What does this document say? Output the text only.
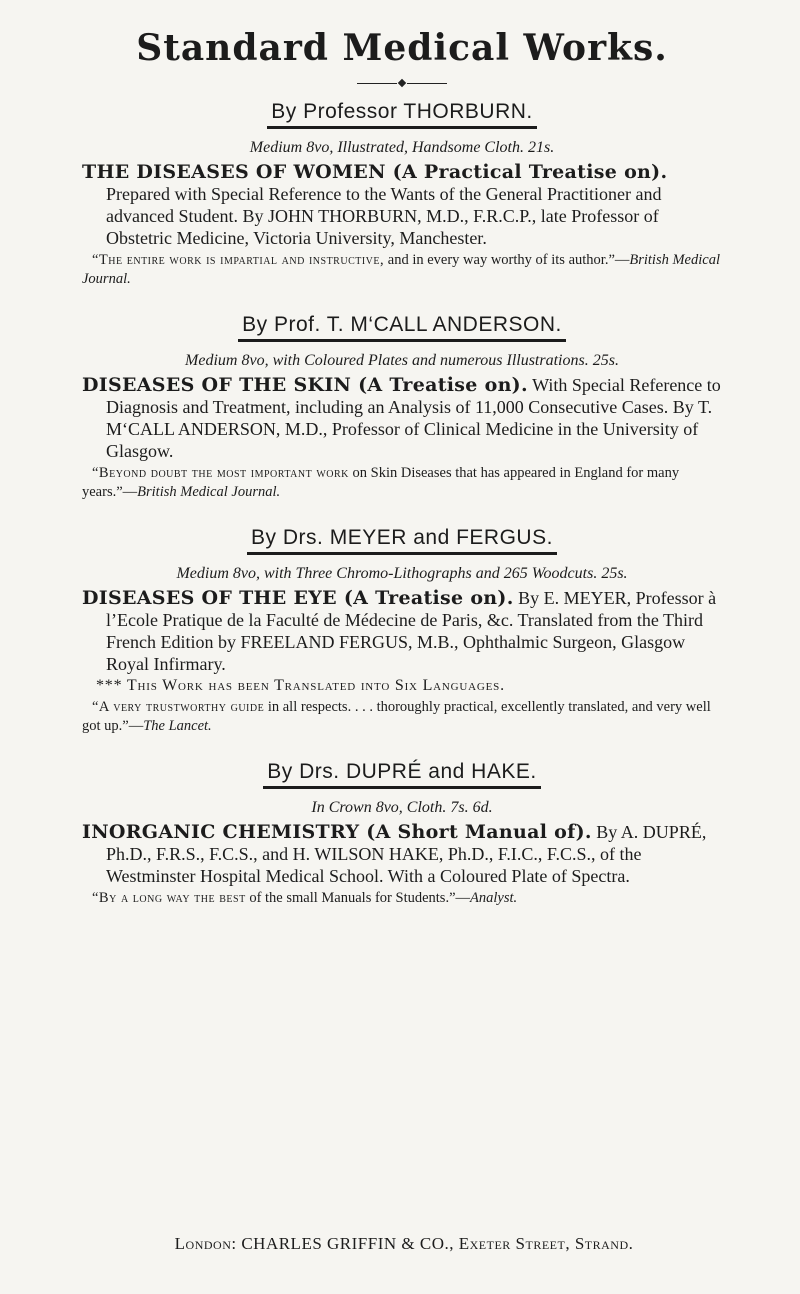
Standard Medical Works.
By Professor THORBURN.
Medium 8vo, Illustrated, Handsome Cloth. 21s.

THE DISEASES OF WOMEN (A Practical Treatise on). Prepared with Special Reference to the Wants of the General Practitioner and advanced Student. By JOHN THORBURN, M.D., F.R.C.P., late Professor of Obstetric Medicine, Victoria University, Manchester.

“The entire work is impartial and instructive, and in every way worthy of its author.”—British Medical Journal.

By Prof. T. M‘CALL ANDERSON.
Medium 8vo, with Coloured Plates and numerous Illustrations. 25s.

DISEASES OF THE SKIN (A Treatise on). With Special Reference to Diagnosis and Treatment, including an Analysis of 11,000 Consecutive Cases. By T. M‘CALL ANDERSON, M.D., Professor of Clinical Medicine in the University of Glasgow.

“Beyond doubt the most important work on Skin Diseases that has appeared in England for many years.”—British Medical Journal.

By Drs. MEYER and FERGUS.
Medium 8vo, with Three Chromo-Lithographs and 265 Woodcuts. 25s.

DISEASES OF THE EYE (A Treatise on). By E. MEYER, Professor à l’Ecole Pratique de la Faculté de Médecine de Paris, &c. Translated from the Third French Edition by FREELAND FERGUS, M.B., Ophthalmic Surgeon, Glasgow Royal Infirmary.

*** This Work has been Translated into Six Languages.

“A very trustworthy guide in all respects. . . . thoroughly practical, excellently translated, and very well got up.”—The Lancet.

By Drs. DUPRÉ and HAKE.
In Crown 8vo, Cloth. 7s. 6d.

INORGANIC CHEMISTRY (A Short Manual of). By A. DUPRÉ, Ph.D., F.R.S., F.C.S., and H. WILSON HAKE, Ph.D., F.I.C., F.C.S., of the Westminster Hospital Medical School. With a Coloured Plate of Spectra.

“By a long way the best of the small Manuals for Students.”—Analyst.

London: CHARLES GRIFFIN & CO., Exeter Street, Strand.
